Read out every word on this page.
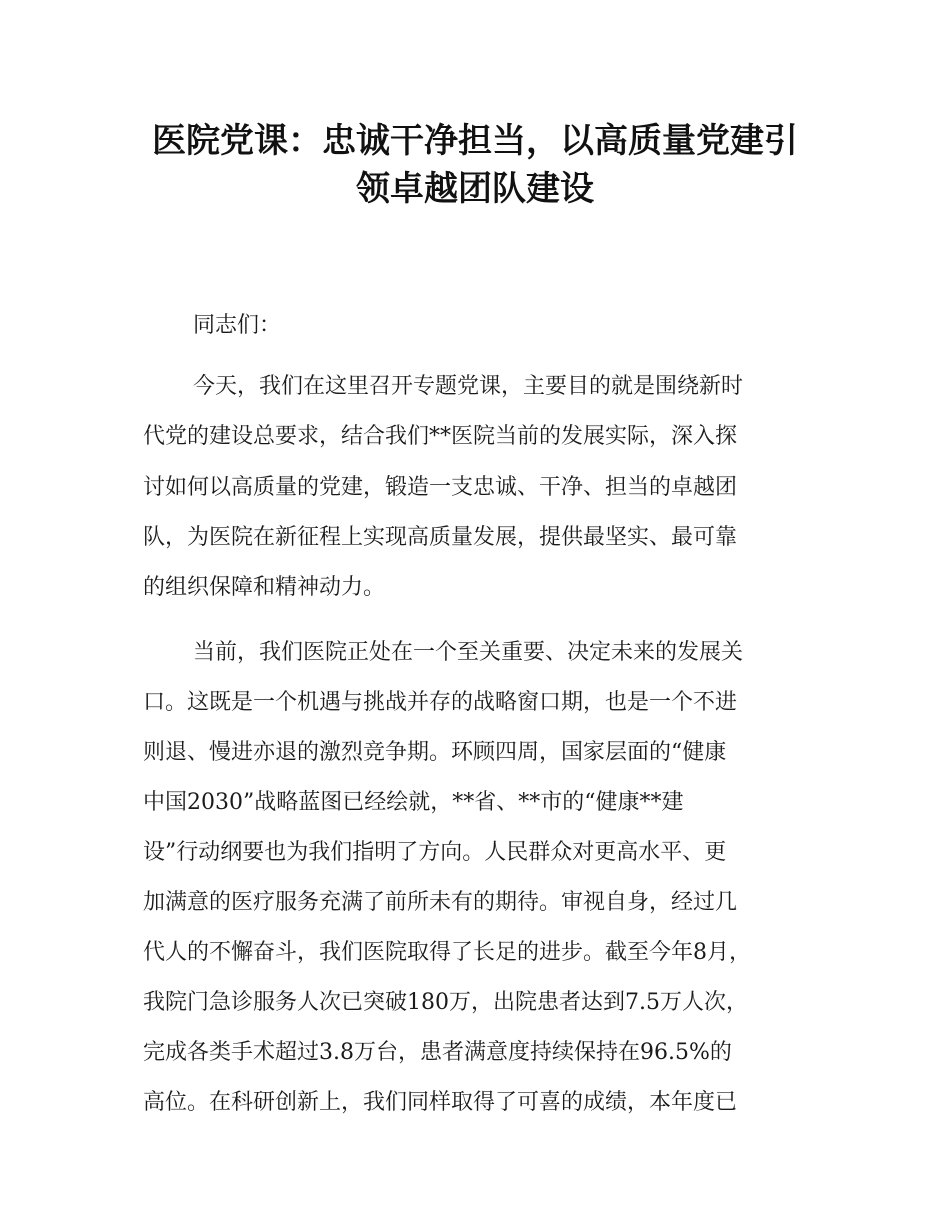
医院党课：忠诚干净担当，以高质量党建引
领卓越团队建设

同志们：

今天，我们在这里召开专题党课，主要目的就是围绕新时

代党的建设总要求，结合我们**医院当前的发展实际，深入探

讨如何以高质量的党建，锻造一支忠诚、干净、担当的卓越团

队，为医院在新征程上实现高质量发展，提供最坚实、最可靠

的组织保障和精神动力。

当前，我们医院正处在一个至关重要、决定未来的发展关

口。这既是一个机遇与挑战并存的战略窗口期，也是一个不进

则退、慢进亦退的激烈竞争期。环顾四周，国家层面的“健康

中国2030”战略蓝图已经绘就，**省、**市的“健康**建

设”行动纲要也为我们指明了方向。人民群众对更高水平、更

加满意的医疗服务充满了前所未有的期待。审视自身，经过几

代人的不懈奋斗，我们医院取得了长足的进步。截至今年8月，

我院门急诊服务人次已突破180万，出院患者达到7.5万人次，

完成各类手术超过3.8万台，患者满意度持续保持在96.5%的

高位。在科研创新上，我们同样取得了可喜的成绩，本年度已
